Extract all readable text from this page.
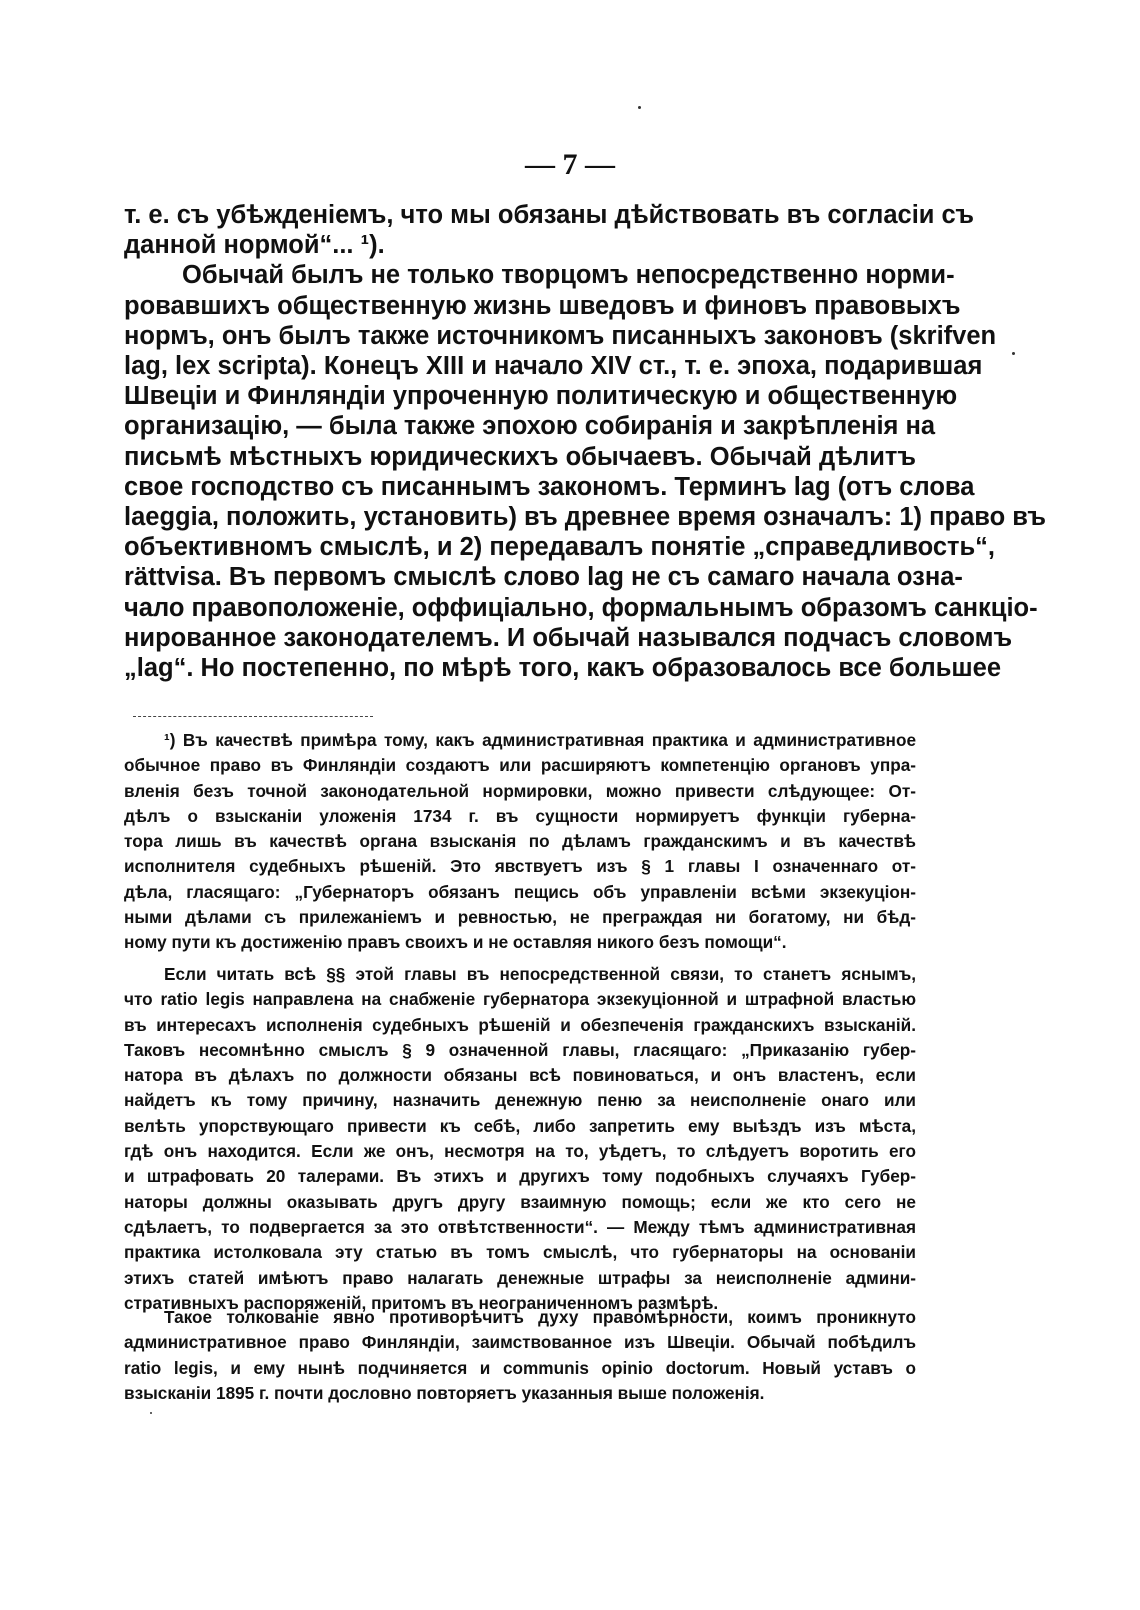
— 7 —
т. е. съ убѣжденіемъ, что мы обязаны дѣйствовать въ согласіи съ
данной нормой“... ¹).
Обычай былъ не только творцомъ непосредственно норми-
ровавшихъ общественную жизнь шведовъ и финовъ правовыхъ
нормъ, онъ былъ также источникомъ писанныхъ законовъ (skrifven
lag, lex scripta). Конецъ XIII и начало XIV ст., т. е. эпоха, подарившая
Швеціи и Финляндіи упроченную политическую и общественную
организацію, — была также эпохою собиранія и закрѣпленія на
письмѣ мѣстныхъ юридическихъ обычаевъ. Обычай дѣлитъ
свое господство съ писаннымъ закономъ. Терминъ lag (отъ слова
laeggia, положить, установить) въ древнее время означалъ: 1) право въ
объективномъ смыслѣ, и 2) передавалъ понятіе „справедливость“,
rättvisa. Въ первомъ смыслѣ слово lag не съ самаго начала озна-
чало правоположеніе, оффиціально, формальнымъ образомъ санкціо-
нированное законодателемъ. И обычай назывался подчасъ словомъ
„lag“. Но постепенно, по мѣрѣ того, какъ образовалось все большее
¹) Въ качествѣ примѣра тому, какъ административная практика и административное
обычное право въ Финляндіи создаютъ или расширяютъ компетенцію органовъ упра-
вленія безъ точной законодательной нормировки, можно привести слѣдующее: От-
дѣлъ о взысканіи уложенія 1734 г. въ сущности нормируетъ функціи губерна-
тора лишь въ качествѣ органа взысканія по дѣламъ гражданскимъ и въ качествѣ
исполнителя судебныхъ рѣшеній. Это явствуетъ изъ § 1 главы I означеннаго от-
дѣла, гласящаго: „Губернаторъ обязанъ пещись объ управленіи всѣми экзекуціон-
ными дѣлами съ прилежаніемъ и ревностью, не преграждая ни богатому, ни бѣд-
ному пути къ достиженію правъ своихъ и не оставляя никого безъ помощи“.
Если читать всѣ §§ этой главы въ непосредственной связи, то станетъ яснымъ,
что ratio legis направлена на снабженіе губернатора экзекуціонной и штрафной властью
въ интересахъ исполненія судебныхъ рѣшеній и обезпеченія гражданскихъ взысканій.
Таковъ несомнѣнно смыслъ § 9 означенной главы, гласящаго: „Приказанію губер-
натора въ дѣлахъ по должности обязаны всѣ повиноваться, и онъ властенъ, если
найдетъ къ тому причину, назначить денежную пеню за неисполненіе онаго или
велѣть упорствующаго привести къ себѣ, либо запретить ему выѣздъ изъ мѣста,
гдѣ онъ находится. Если же онъ, несмотря на то, уѣдетъ, то слѣдуетъ воротить его
и штрафовать 20 талерами. Въ этихъ и другихъ тому подобныхъ случаяхъ Губер-
наторы должны оказывать другъ другу взаимную помощь; если же кто сего не
сдѣлаетъ, то подвергается за это отвѣтственности“. — Между тѣмъ административная
практика истолковала эту статью въ томъ смыслѣ, что губернаторы на основаніи
этихъ статей имѣютъ право налагать денежные штрафы за неисполненіе админи-
стративныхъ распоряженій, притомъ въ неограниченномъ размѣрѣ.
Такое толкованіе явно противорѣчитъ духу правомѣрности, коимъ проникнуто
административное право Финляндіи, заимствованное изъ Швеціи. Обычай побѣдилъ
ratio legis, и ему нынѣ подчиняется и communis opinio doctorum. Новый уставъ о
взысканіи 1895 г. почти дословно повторяетъ указанныя выше положенія.
